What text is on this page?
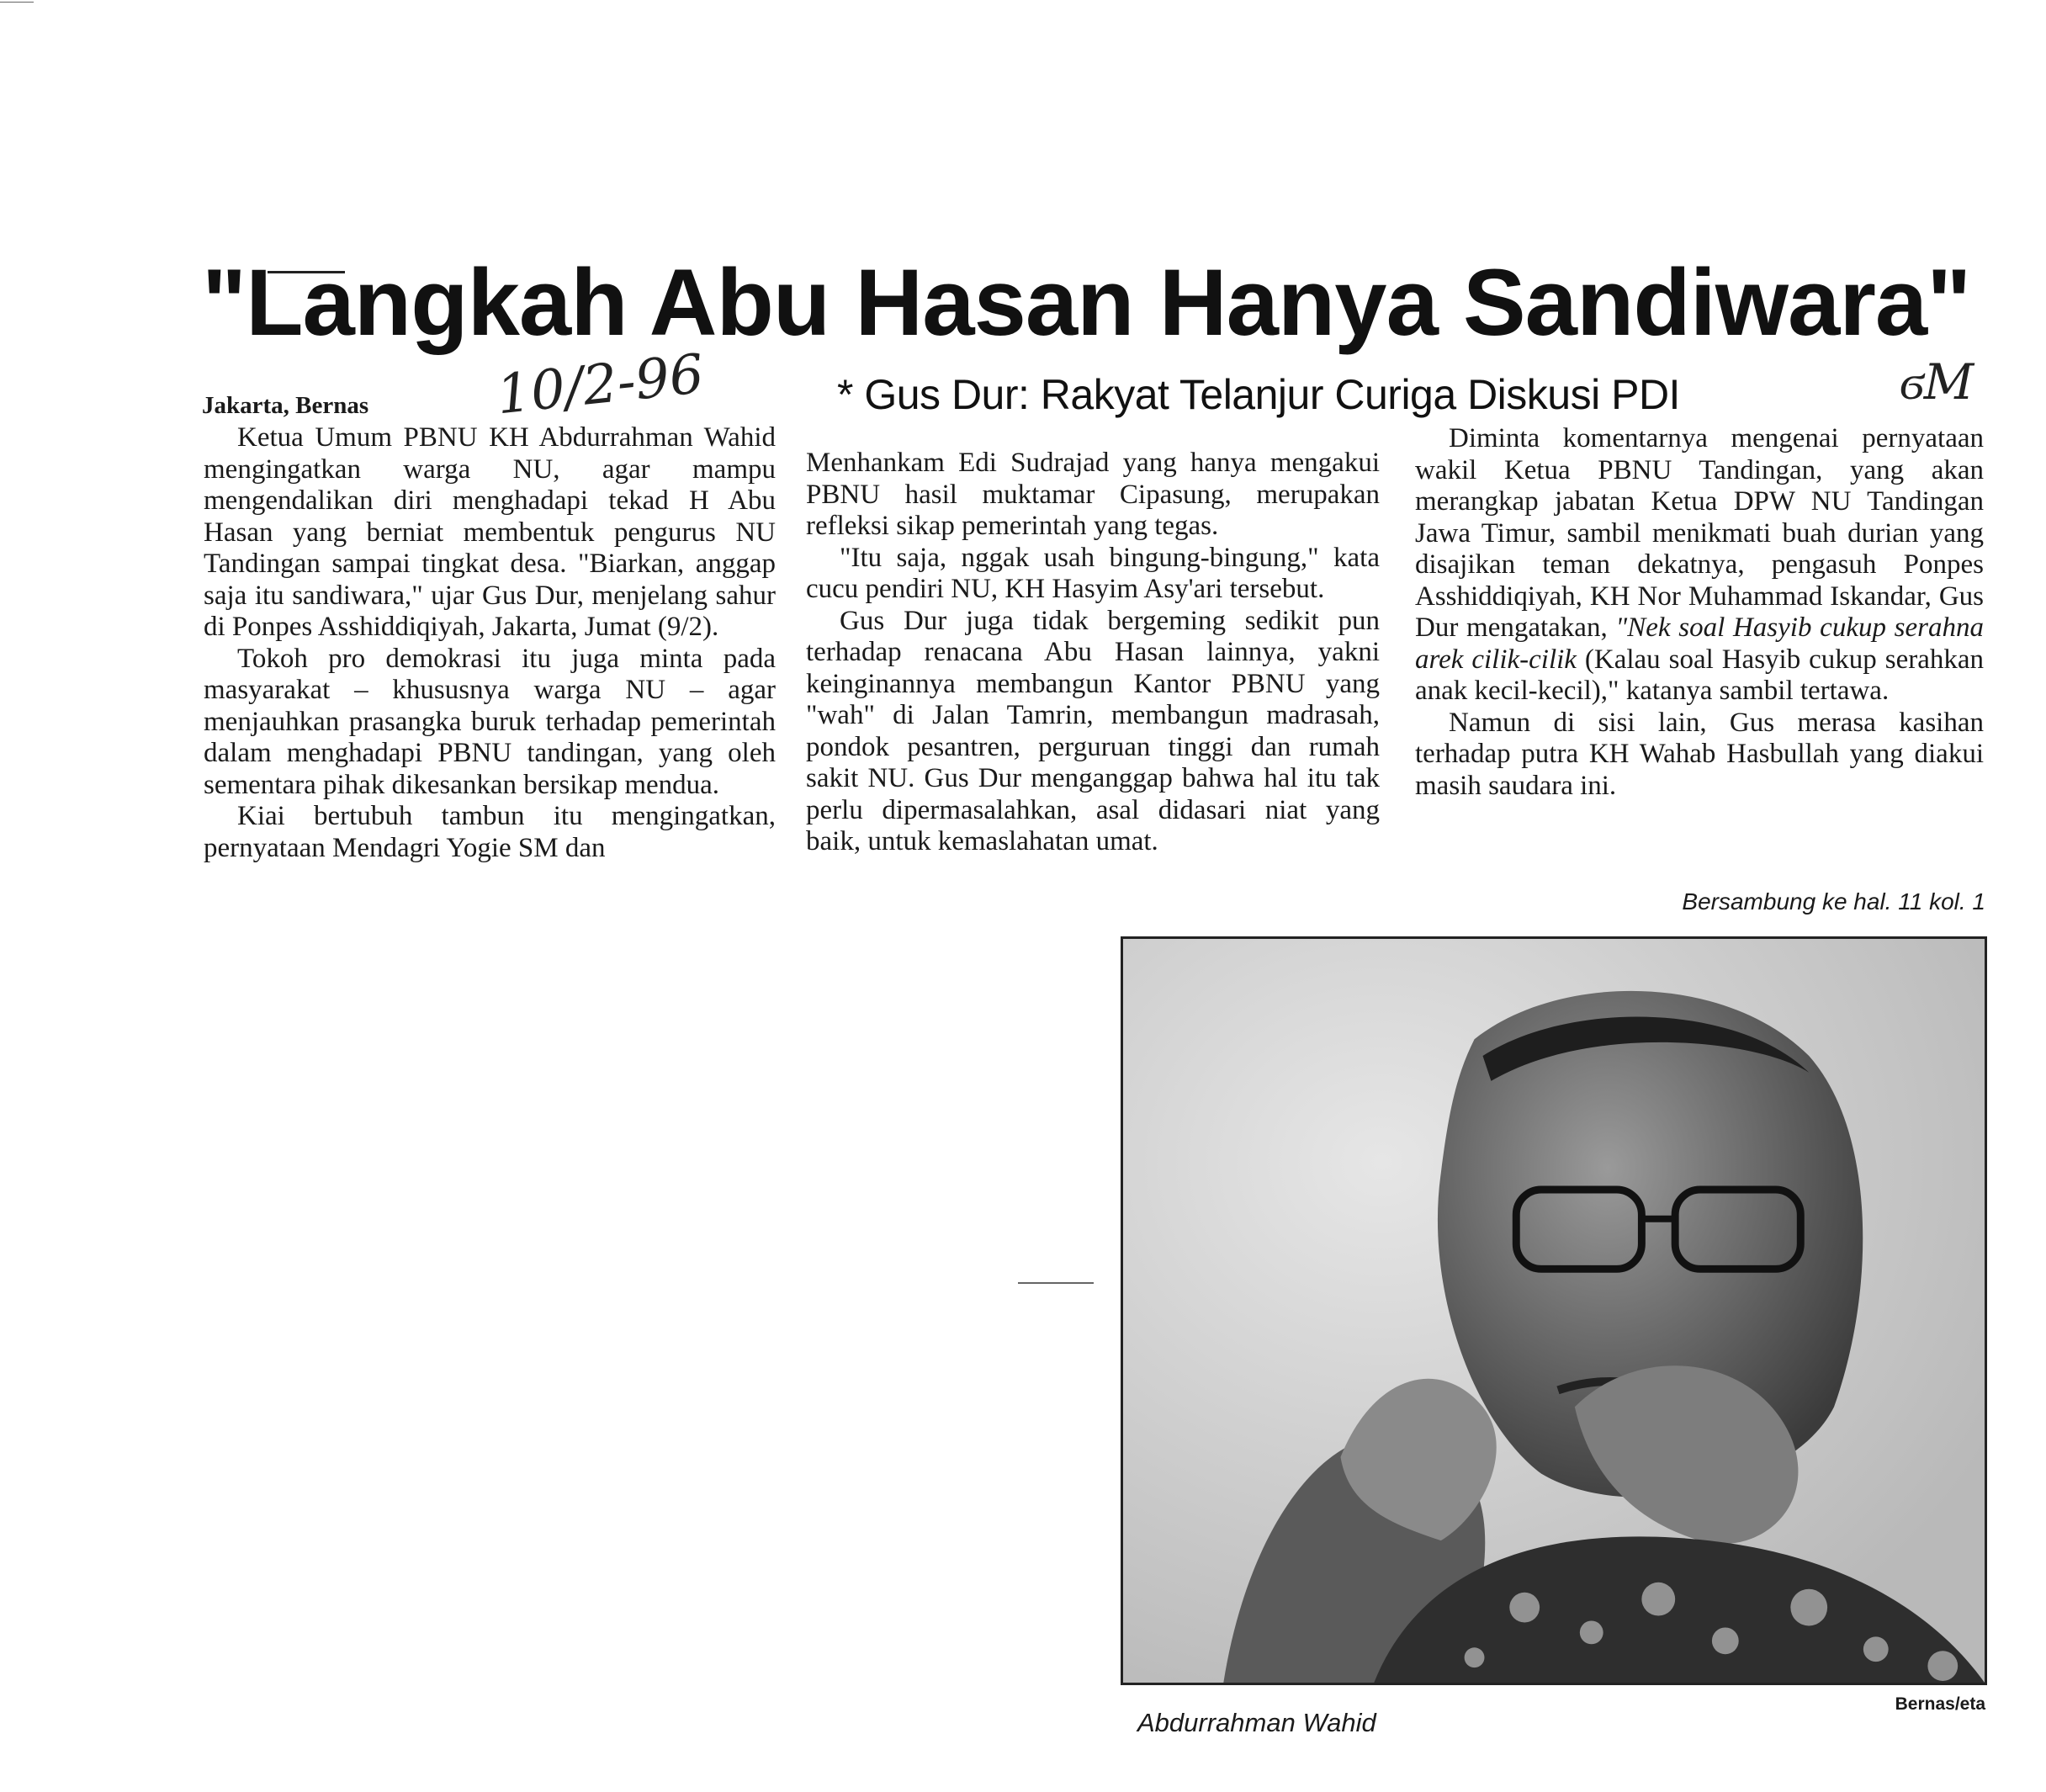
"Langkah Abu Hasan Hanya Sandiwara"
10/2-96	* Gus Dur: Rakyat Telanjur Curiga Diskusi PDI	ϭM
Jakarta, Bernas

Ketua Umum PBNU KH Abdurrahman Wahid mengingatkan warga NU, agar mampu mengendalikan diri menghadapi tekad H Abu Hasan yang berniat membentuk pengurus NU Tandingan sampai tingkat desa. "Biarkan, anggap saja itu sandiwara," ujar Gus Dur, menjelang sahur di Ponpes Asshiddiqiyah, Jakarta, Jumat (9/2).

Tokoh pro demokrasi itu juga minta pada masyarakat – khususnya warga NU – agar menjauhkan prasangka buruk terhadap pemerintah dalam menghadapi PBNU tandingan, yang oleh sementara pihak dikesankan bersikap mendua.

Kiai bertubuh tambun itu mengingatkan, pernyataan Mendagri Yogie SM dan

Menhankam Edi Sudrajad yang hanya mengakui PBNU hasil muktamar Cipasung, merupakan refleksi sikap pemerintah yang tegas.

"Itu saja, nggak usah bingung-bingung," kata cucu pendiri NU, KH Hasyim Asy'ari tersebut.

Gus Dur juga tidak bergeming sedikit pun terhadap renacana Abu Hasan lainnya, yakni keinginannya membangun Kantor PBNU yang "wah" di Jalan Tamrin, membangun madrasah, pondok pesantren, perguruan tinggi dan rumah sakit NU. Gus Dur menganggap bahwa hal itu tak perlu dipermasalahkan, asal didasari niat yang baik, untuk kemaslahatan umat.

Diminta komentarnya mengenai pernyataan wakil Ketua PBNU Tandingan, yang akan merangkap jabatan Ketua DPW NU Tandingan Jawa Timur, sambil menikmati buah durian yang disajikan teman dekatnya, pengasuh Ponpes Asshiddiqiyah, KH Nor Muhammad Iskandar, Gus Dur mengatakan, "Nek soal Hasyib cukup serahna arek cilik-cilik (Kalau soal Hasyib cukup serahkan anak kecil-kecil)," katanya sambil tertawa.

Namun di sisi lain, Gus merasa kasihan terhadap putra KH Wahab Hasbullah yang diakui masih saudara ini.

Bersambung ke hal. 11 kol. 1
Abdurrahman Wahid
Bernas/eta
